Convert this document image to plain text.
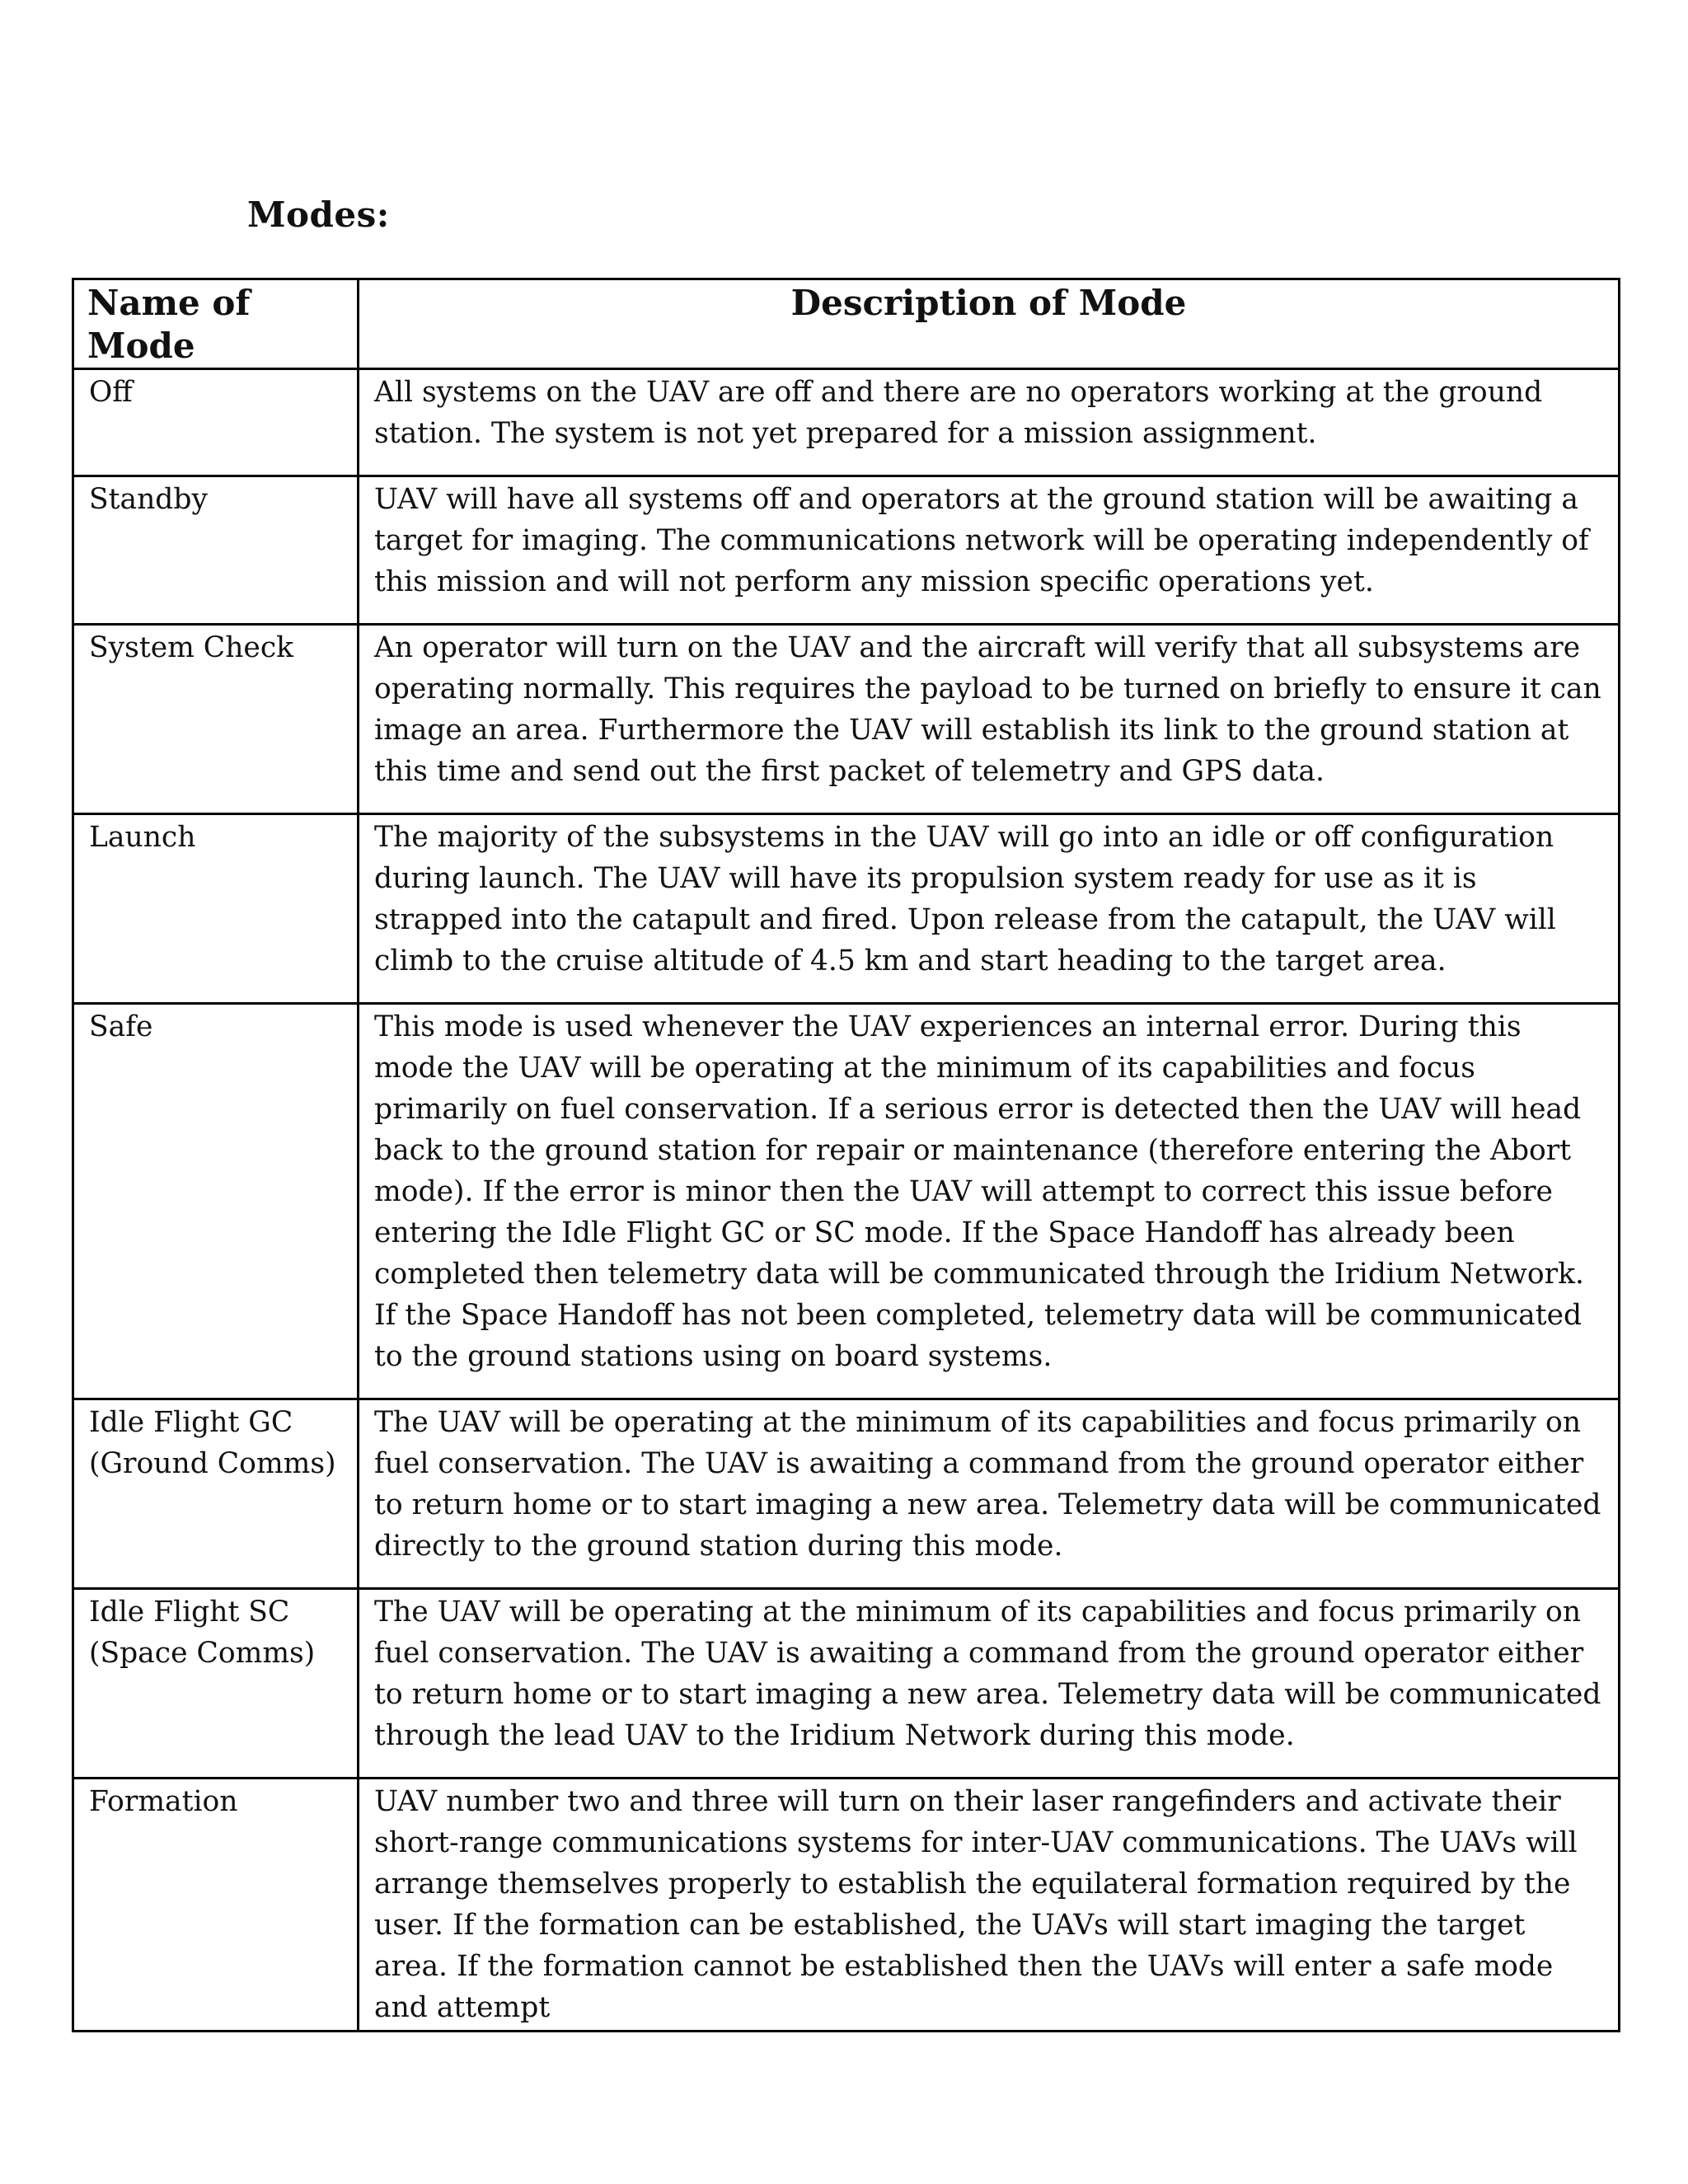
Modes:
Name of Mode	Description of Mode
Off	All systems on the UAV are off and there are no operators working at the ground station. The system is not yet prepared for a mission assignment.
Standby	UAV will have all systems off and operators at the ground station will be awaiting a target for imaging. The communications network will be operating independently of this mission and will not perform any mission specific operations yet.
System Check	An operator will turn on the UAV and the aircraft will verify that all subsystems are operating normally. This requires the payload to be turned on briefly to ensure it can image an area. Furthermore the UAV will establish its link to the ground station at this time and send out the first packet of telemetry and GPS data.
Launch	The majority of the subsystems in the UAV will go into an idle or off configuration during launch. The UAV will have its propulsion system ready for use as it is strapped into the catapult and fired. Upon release from the catapult, the UAV will climb to the cruise altitude of 4.5 km and start heading to the target area.
Safe	This mode is used whenever the UAV experiences an internal error. During this mode the UAV will be operating at the minimum of its capabilities and focus primarily on fuel conservation. If a serious error is detected then the UAV will head back to the ground station for repair or maintenance (therefore entering the Abort mode). If the error is minor then the UAV will attempt to correct this issue before entering the Idle Flight GC or SC mode. If the Space Handoff has already been completed then telemetry data will be communicated through the Iridium Network. If the Space Handoff has not been completed, telemetry data will be communicated to the ground stations using on board systems.
Idle Flight GC (Ground Comms)	The UAV will be operating at the minimum of its capabilities and focus primarily on fuel conservation. The UAV is awaiting a command from the ground operator either to return home or to start imaging a new area. Telemetry data will be communicated directly to the ground station during this mode.
Idle Flight SC (Space Comms)	The UAV will be operating at the minimum of its capabilities and focus primarily on fuel conservation. The UAV is awaiting a command from the ground operator either to return home or to start imaging a new area. Telemetry data will be communicated through the lead UAV to the Iridium Network during this mode.
Formation	UAV number two and three will turn on their laser rangefinders and activate their short-range communications systems for inter-UAV communications. The UAVs will arrange themselves properly to establish the equilateral formation required by the user. If the formation can be established, the UAVs will start imaging the target area. If the formation cannot be established then the UAVs will enter a safe mode and attempt
